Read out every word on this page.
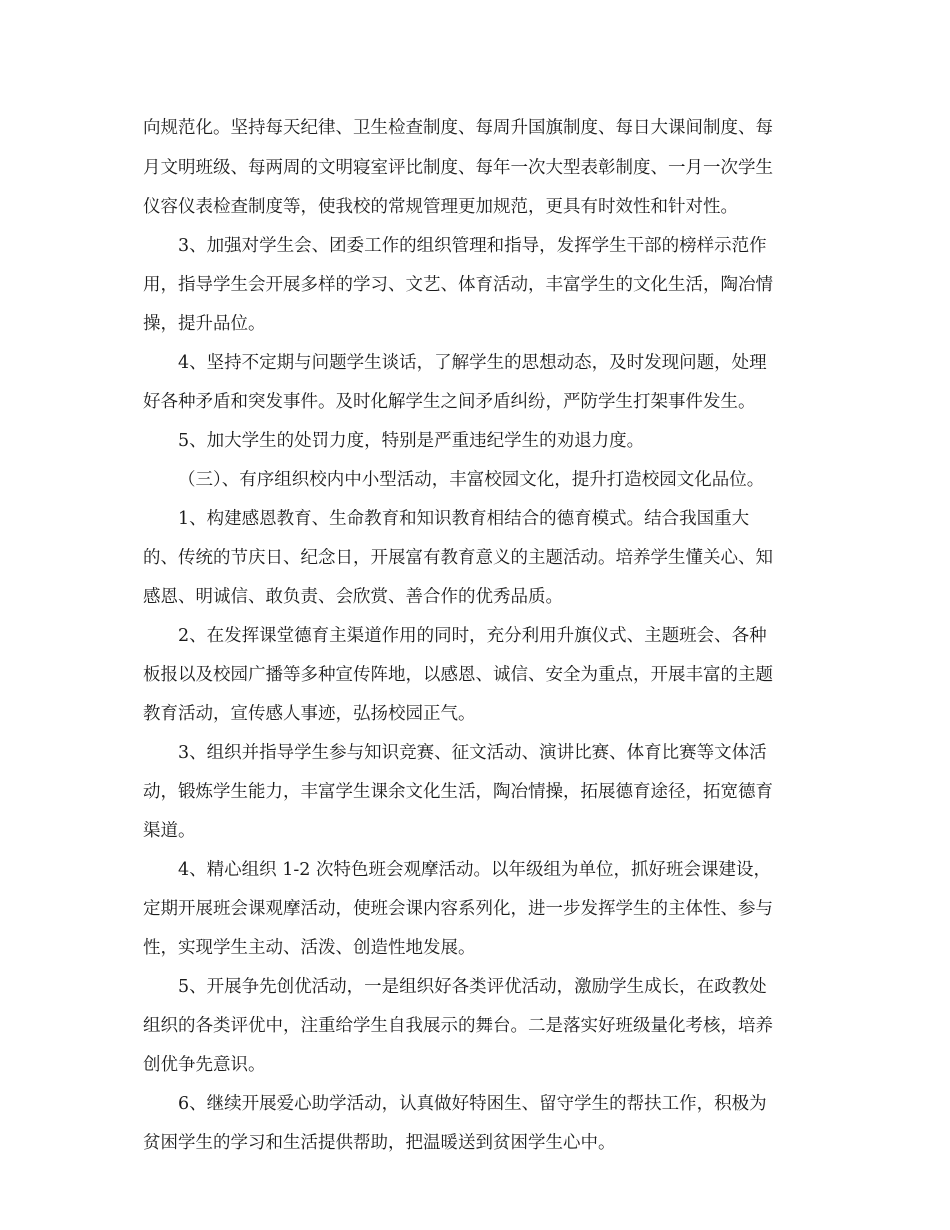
向规范化。坚持每天纪律、卫生检查制度、每周升国旗制度、每日大课间制度、每
月文明班级、每两周的文明寝室评比制度、每年一次大型表彰制度、一月一次学生
仪容仪表检查制度等，使我校的常规管理更加规范，更具有时效性和针对性。
3、加强对学生会、团委工作的组织管理和指导，发挥学生干部的榜样示范作
用，指导学生会开展多样的学习、文艺、体育活动，丰富学生的文化生活，陶冶情
操，提升品位。
4、坚持不定期与问题学生谈话，了解学生的思想动态，及时发现问题，处理
好各种矛盾和突发事件。及时化解学生之间矛盾纠纷，严防学生打架事件发生。
5、加大学生的处罚力度，特别是严重违纪学生的劝退力度。
（三）、有序组织校内中小型活动，丰富校园文化，提升打造校园文化品位。
1、构建感恩教育、生命教育和知识教育相结合的德育模式。结合我国重大
的、传统的节庆日、纪念日，开展富有教育意义的主题活动。培养学生懂关心、知
感恩、明诚信、敢负责、会欣赏、善合作的优秀品质。
2、在发挥课堂德育主渠道作用的同时，充分利用升旗仪式、主题班会、各种
板报以及校园广播等多种宣传阵地，以感恩、诚信、安全为重点，开展丰富的主题
教育活动，宣传感人事迹，弘扬校园正气。
3、组织并指导学生参与知识竞赛、征文活动、演讲比赛、体育比赛等文体活
动，锻炼学生能力，丰富学生课余文化生活，陶冶情操，拓展德育途径，拓宽德育
渠道。
4、精心组织 1-2 次特色班会观摩活动。以年级组为单位，抓好班会课建设，
定期开展班会课观摩活动，使班会课内容系列化，进一步发挥学生的主体性、参与
性，实现学生主动、活泼、创造性地发展。
5、开展争先创优活动，一是组织好各类评优活动，激励学生成长，在政教处
组织的各类评优中，注重给学生自我展示的舞台。二是落实好班级量化考核，培养
创优争先意识。
6、继续开展爱心助学活动，认真做好特困生、留守学生的帮扶工作，积极为
贫困学生的学习和生活提供帮助，把温暖送到贫困学生心中。
